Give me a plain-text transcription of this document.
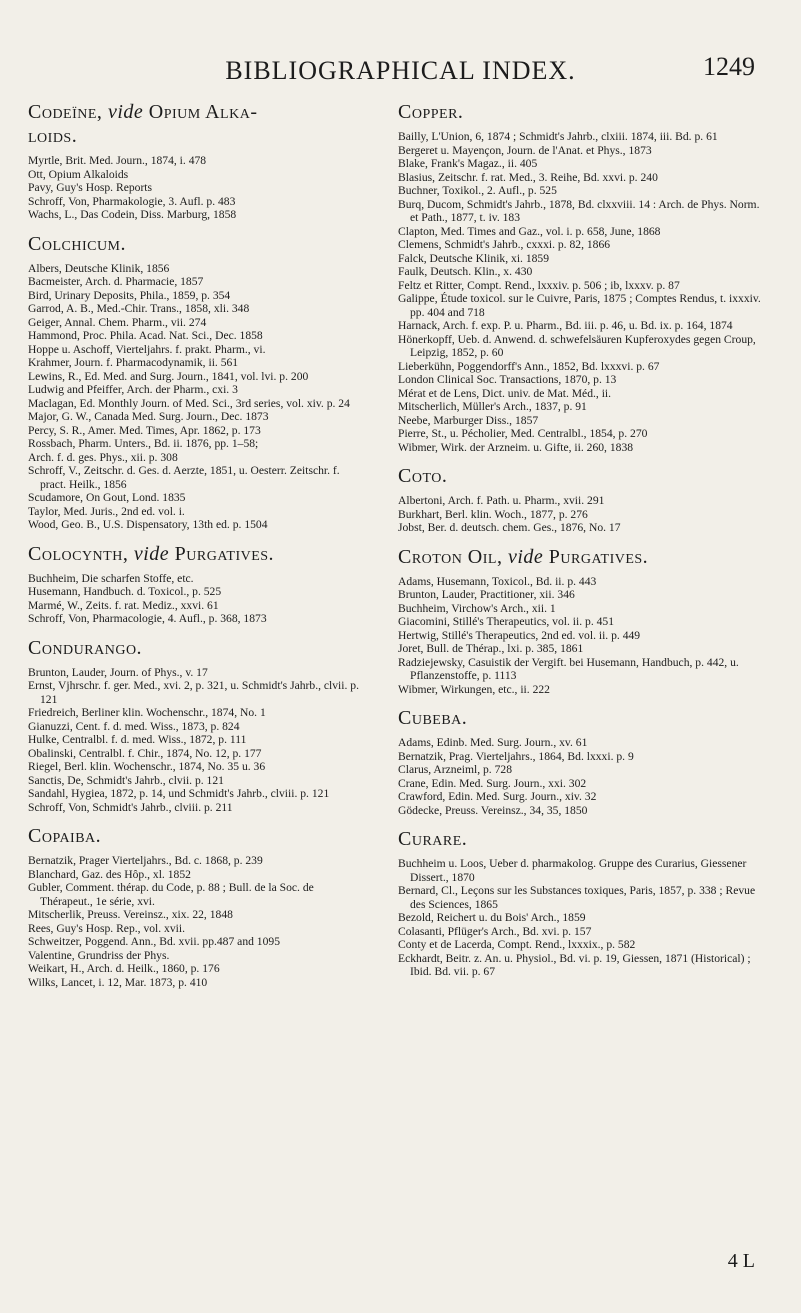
BIBLIOGRAPHICAL INDEX.	1249
Codeïne, vide Opium Alka-
loids.

Myrtle, Brit. Med. Journ., 1874, i. 478

Ott, Opium Alkaloids

Pavy, Guy's Hosp. Reports

Schroff, Von, Pharmakologie, 3. Aufl. p. 483

Wachs, L., Das Codein, Diss. Marburg, 1858

Colchicum.

Albers, Deutsche Klinik, 1856

Bacmeister, Arch. d. Pharmacie, 1857

Bird, Urinary Deposits, Phila., 1859, p. 354

Garrod, A. B., Med.-Chir. Trans., 1858, xli. 348

Geiger, Annal. Chem. Pharm., vii. 274

Hammond, Proc. Phila. Acad. Nat. Sci., Dec. 1858

Hoppe u. Aschoff, Vierteljahrs. f. prakt. Pharm., vi.

Krahmer, Journ. f. Pharmacodynamik, ii. 561

Lewins, R., Ed. Med. and Surg. Journ., 1841, vol. lvi. p. 200

Ludwig and Pfeiffer, Arch. der Pharm., cxi. 3

Maclagan, Ed. Monthly Journ. of Med. Sci., 3rd series, vol. xiv. p. 24

Major, G. W., Canada Med. Surg. Journ., Dec. 1873

Percy, S. R., Amer. Med. Times, Apr. 1862, p. 173

Rossbach, Pharm. Unters., Bd. ii. 1876, pp. 1–58;

Arch. f. d. ges. Phys., xii. p. 308

Schroff, V., Zeitschr. d. Ges. d. Aerzte, 1851, u. Oesterr. Zeitschr. f. pract. Heilk., 1856

Scudamore, On Gout, Lond. 1835

Taylor, Med. Juris., 2nd ed. vol. i.

Wood, Geo. B., U.S. Dispensatory, 13th ed. p. 1504

Colocynth, vide Purgatives.

Buchheim, Die scharfen Stoffe, etc.

Husemann, Handbuch. d. Toxicol., p. 525

Marmé, W., Zeits. f. rat. Mediz., xxvi. 61

Schroff, Von, Pharmacologie, 4. Aufl., p. 368, 1873

Condurango.

Brunton, Lauder, Journ. of Phys., v. 17

Ernst, Vjhrschr. f. ger. Med., xvi. 2, p. 321, u. Schmidt's Jahrb., clvii. p. 121

Friedreich, Berliner klin. Wochenschr., 1874, No. 1

Gianuzzi, Cent. f. d. med. Wiss., 1873, p. 824

Hulke, Centralbl. f. d. med. Wiss., 1872, p. 111

Obalinski, Centralbl. f. Chir., 1874, No. 12, p. 177

Riegel, Berl. klin. Wochenschr., 1874, No. 35 u. 36

Sanctis, De, Schmidt's Jahrb., clvii. p. 121

Sandahl, Hygiea, 1872, p. 14, und Schmidt's Jahrb., clviii. p. 121

Schroff, Von, Schmidt's Jahrb., clviii. p. 211

Copaiba.

Bernatzik, Prager Vierteljahrs., Bd. c. 1868, p. 239

Blanchard, Gaz. des Hôp., xl. 1852

Gubler, Comment. thérap. du Code, p. 88 ; Bull. de la Soc. de Thérapeut., 1e série, xvi.

Mitscherlik, Preuss. Vereinsz., xix. 22, 1848

Rees, Guy's Hosp. Rep., vol. xvii.

Schweitzer, Poggend. Ann., Bd. xvii. pp.487 and 1095

Valentine, Grundriss der Phys.

Weikart, H., Arch. d. Heilk., 1860, p. 176

Wilks, Lancet, i. 12, Mar. 1873, p. 410

Copper.

Bailly, L'Union, 6, 1874 ; Schmidt's Jahrb., clxiii. 1874, iii. Bd. p. 61

Bergeret u. Mayençon, Journ. de l'Anat. et Phys., 1873

Blake, Frank's Magaz., ii. 405

Blasius, Zeitschr. f. rat. Med., 3. Reihe, Bd. xxvi. p. 240

Buchner, Toxikol., 2. Aufl., p. 525

Burq, Ducom, Schmidt's Jahrb., 1878, Bd. clxxviii. 14 : Arch. de Phys. Norm. et Path., 1877, t. iv. 183

Clapton, Med. Times and Gaz., vol. i. p. 658, June, 1868

Clemens, Schmidt's Jahrb., cxxxi. p. 82, 1866

Falck, Deutsche Klinik, xi. 1859

Faulk, Deutsch. Klin., x. 430

Feltz et Ritter, Compt. Rend., lxxxiv. p. 506 ; ib, lxxxv. p. 87

Galippe, Étude toxicol. sur le Cuivre, Paris, 1875 ; Comptes Rendus, t. ixxxiv. pp. 404 and 718

Harnack, Arch. f. exp. P. u. Pharm., Bd. iii. p. 46, u. Bd. ix. p. 164, 1874

Hönerkopff, Ueb. d. Anwend. d. schwefelsäuren Kupferoxydes gegen Croup, Leipzig, 1852, p. 60

Lieberkühn, Poggendorff's Ann., 1852, Bd. lxxxvi. p. 67

London Clinical Soc. Transactions, 1870, p. 13

Mérat et de Lens, Dict. univ. de Mat. Méd., ii.

Mitscherlich, Müller's Arch., 1837, p. 91

Neebe, Marburger Diss., 1857

Pierre, St., u. Pécholier, Med. Centralbl., 1854, p. 270

Wibmer, Wirk. der Arzneim. u. Gifte, ii. 260, 1838

Coto.

Albertoni, Arch. f. Path. u. Pharm., xvii. 291

Burkhart, Berl. klin. Woch., 1877, p. 276

Jobst, Ber. d. deutsch. chem. Ges., 1876, No. 17

Croton Oil, vide Purgatives.

Adams, Husemann, Toxicol., Bd. ii. p. 443

Brunton, Lauder, Practitioner, xii. 346

Buchheim, Virchow's Arch., xii. 1

Giacomini, Stillé's Therapeutics, vol. ii. p. 451

Hertwig, Stillé's Therapeutics, 2nd ed. vol. ii. p. 449

Joret, Bull. de Thérap., lxi. p. 385, 1861

Radziejewsky, Casuistik der Vergift. bei Husemann, Handbuch, p. 442, u. Pflanzenstoffe, p. 1113

Wibmer, Wirkungen, etc., ii. 222

Cubeba.

Adams, Edinb. Med. Surg. Journ., xv. 61

Bernatzik, Prag. Vierteljahrs., 1864, Bd. lxxxi. p. 9

Clarus, Arzneiml, p. 728

Crane, Edin. Med. Surg. Journ., xxi. 302

Crawford, Edin. Med. Surg. Journ., xiv. 32

Gödecke, Preuss. Vereinsz., 34, 35, 1850

Curare.

Buchheim u. Loos, Ueber d. pharmakolog. Gruppe des Curarius, Giessener Dissert., 1870

Bernard, Cl., Leçons sur les Substances toxiques, Paris, 1857, p. 338 ; Revue des Sciences, 1865

Bezold, Reichert u. du Bois' Arch., 1859

Colasanti, Pflüger's Arch., Bd. xvi. p. 157

Conty et de Lacerda, Compt. Rend., lxxxix., p. 582

Eckhardt, Beitr. z. An. u. Physiol., Bd. vi. p. 19, Giessen, 1871 (Historical) ; Ibid. Bd. vii. p. 67

4 L
